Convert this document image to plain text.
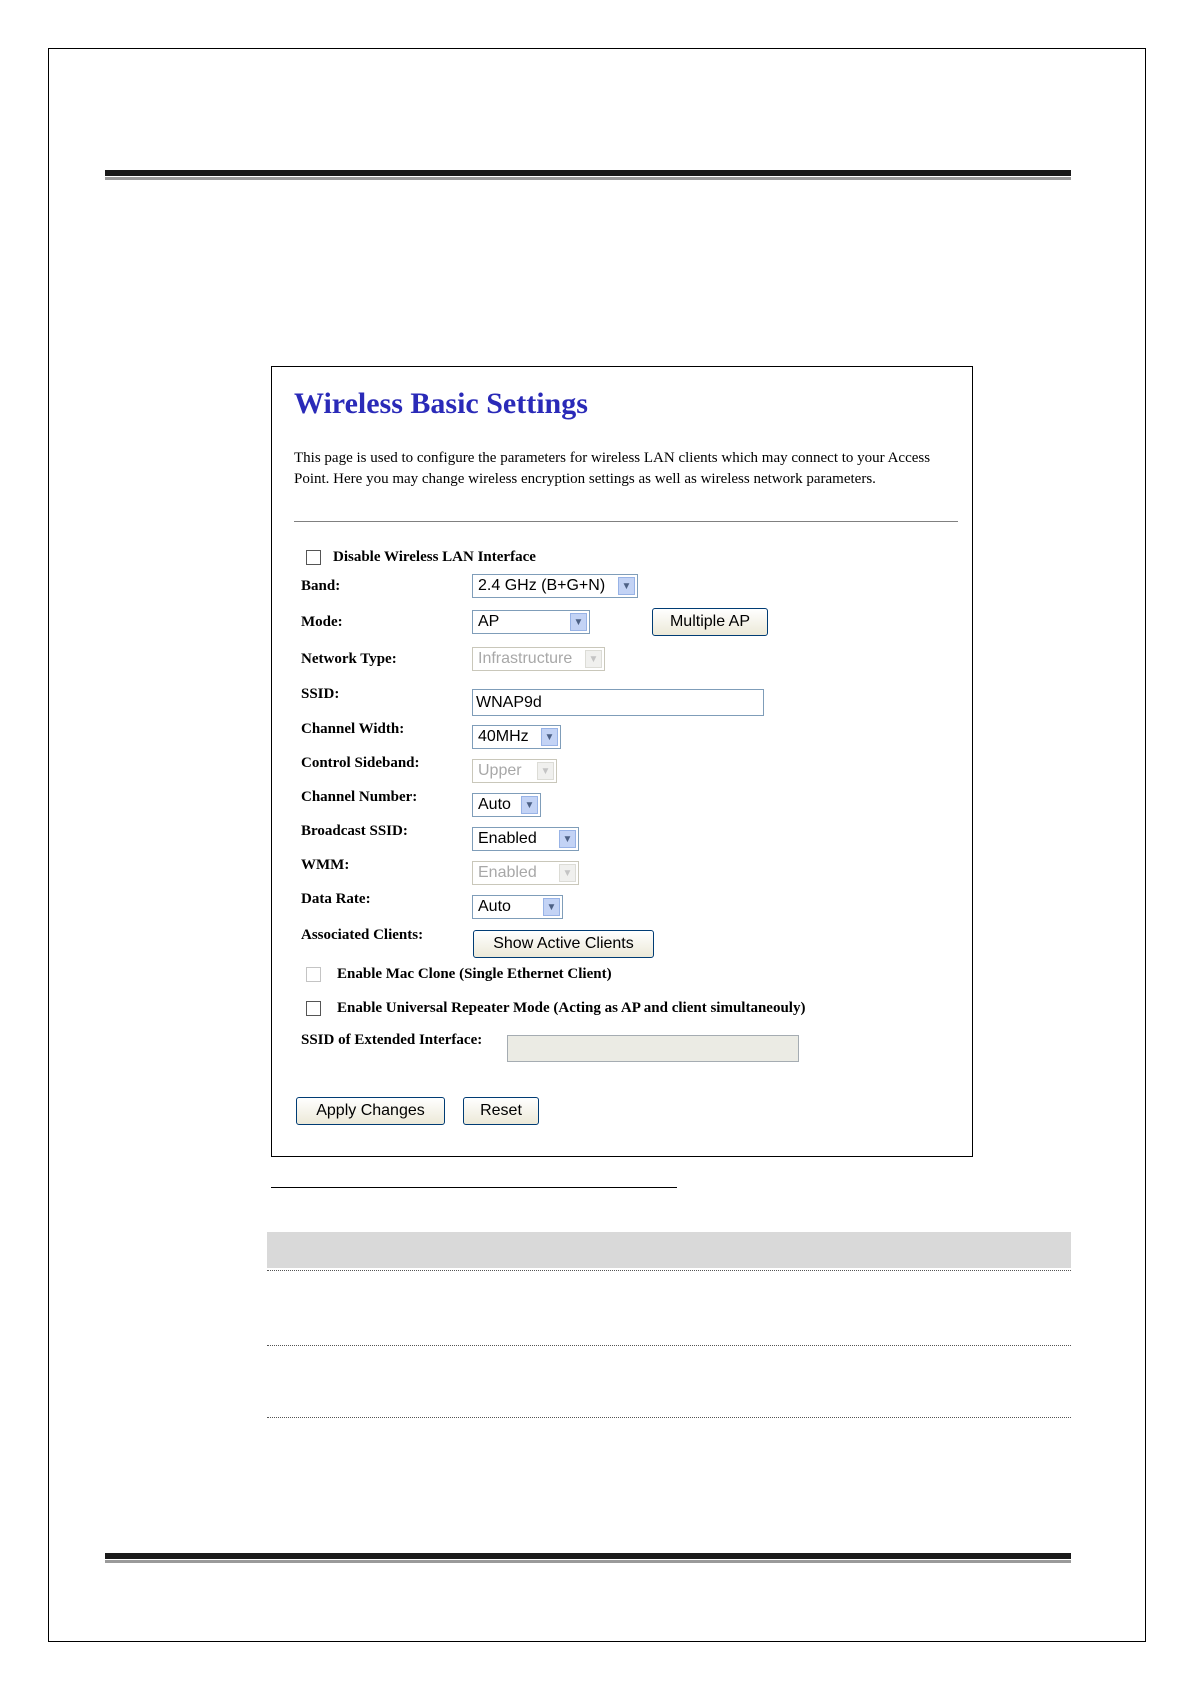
Wireless Basic Settings
This page is used to configure the parameters for wireless LAN clients which may connect to your Access Point. Here you may change wireless encryption settings as well as wireless network parameters.
Disable Wireless LAN Interface
Band:	2.4 GHz (B+G+N)	▼
Mode:	AP	▼	Multiple AP
Network Type:	Infrastructure	▼
SSID:	WNAP9d
Channel Width:	40MHz	▼
Control Sideband:	Upper	▼
Channel Number:	Auto	▼
Broadcast SSID:	Enabled	▼
WMM:	Enabled	▼
Data Rate:	Auto	▼
Associated Clients:
Show Active Clients
Enable Mac Clone (Single Ethernet Client)
Enable Universal Repeater Mode (Acting as AP and client simultaneouly)
SSID of Extended Interface:
Apply Changes	Reset
